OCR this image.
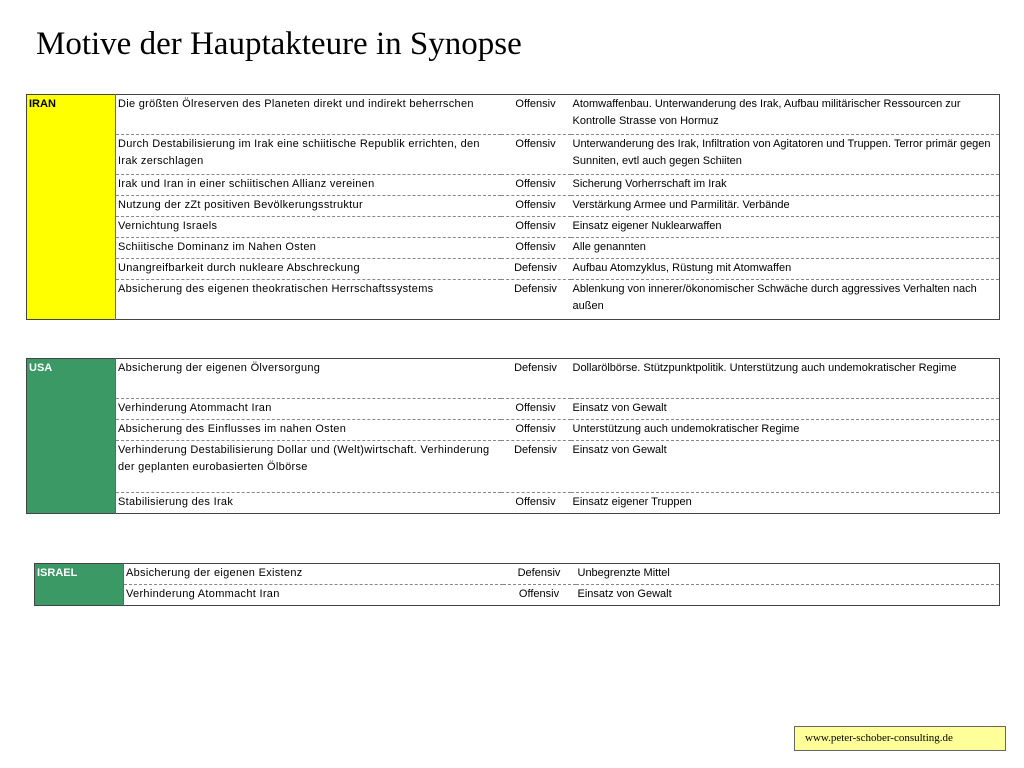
Motive der Hauptakteure in Synopse
IRAN	Die größten Ölreserven des Planeten direkt und indirekt beherrschen	Offensiv	Atomwaffenbau. Unterwanderung des Irak, Aufbau militärischer Ressourcen zur Kontrolle Strasse von Hormuz
	Durch Destabilisierung im Irak eine schiitische Republik errichten, den Irak zerschlagen	Offensiv	Unterwanderung des Irak, Infiltration von Agitatoren und Truppen. Terror primär gegen Sunniten, evtl auch gegen Schiiten
	Irak und Iran in einer schiitischen Allianz vereinen	Offensiv	Sicherung Vorherrschaft im Irak
	Nutzung der zZt positiven Bevölkerungsstruktur	Offensiv	Verstärkung Armee und Parmilitär. Verbände
	Vernichtung Israels	Offensiv	Einsatz eigener Nuklearwaffen
	Schiitische Dominanz im Nahen Osten	Offensiv	Alle genannten
	Unangreifbarkeit durch nukleare Abschreckung	Defensiv	Aufbau Atomzyklus, Rüstung mit Atomwaffen
	Absicherung des eigenen theokratischen Herrschaftssystems	Defensiv	Ablenkung von innerer/ökonomischer Schwäche durch aggressives Verhalten nach außen
USA	Absicherung der eigenen Ölversorgung	Defensiv	Dollarölbörse. Stützpunktpolitik. Unterstützung auch undemokratischer Regime
	Verhinderung Atommacht Iran	Offensiv	Einsatz von Gewalt
	Absicherung des Einflusses im nahen Osten	Offensiv	Unterstützung auch undemokratischer Regime
	Verhinderung Destabilisierung Dollar und (Welt)wirtschaft. Verhinderung der geplanten eurobasierten Ölbörse	Defensiv	Einsatz von Gewalt
	Stabilisierung des Irak	Offensiv	Einsatz eigener Truppen
ISRAEL	Absicherung der eigenen Existenz	Defensiv	Unbegrenzte Mittel
	Verhinderung Atommacht Iran	Offensiv	Einsatz von Gewalt
www.peter-schober-consulting.de
